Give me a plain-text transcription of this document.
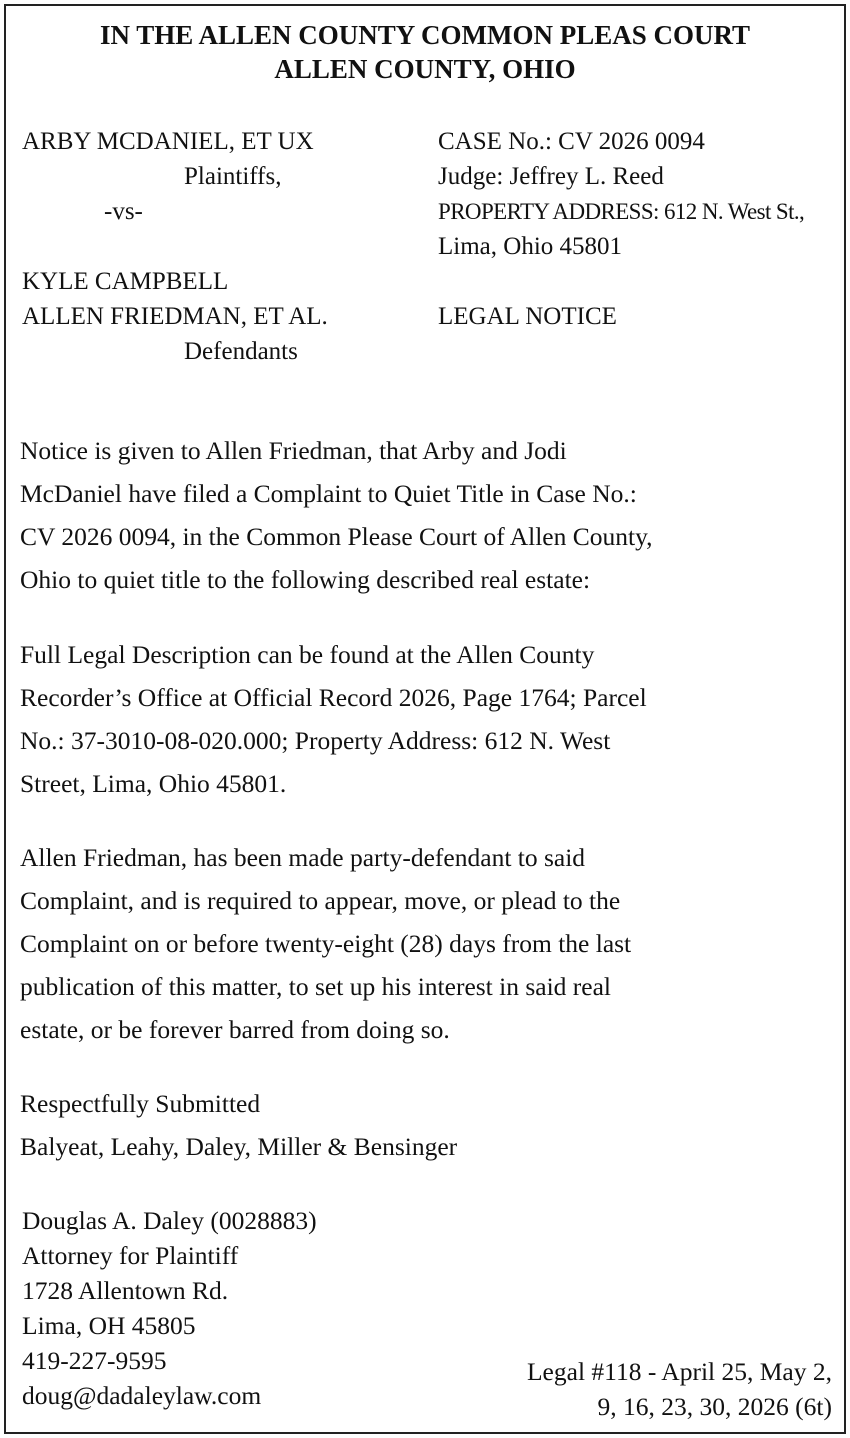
IN THE ALLEN COUNTY COMMON PLEAS COURT
ALLEN COUNTY, OHIO
ARBY MCDANIEL, ET UX
Plaintiffs,
-vs-
KYLE CAMPBELL
ALLEN FRIEDMAN, ET AL.
Defendants
CASE No.: CV 2026 0094
Judge: Jeffrey L. Reed
PROPERTY ADDRESS: 612 N. West St.,
Lima, Ohio 45801
LEGAL NOTICE
Notice is given to Allen Friedman, that Arby and Jodi
McDaniel have filed a Complaint to Quiet Title in Case No.:
CV 2026 0094, in the Common Please Court of Allen County,
Ohio to quiet title to the following described real estate:
Full Legal Description can be found at the Allen County
Recorder’s Office at Official Record 2026, Page 1764; Parcel
No.: 37-3010-08-020.000; Property Address: 612 N. West
Street, Lima, Ohio 45801.
Allen Friedman, has been made party-defendant to said
Complaint, and is required to appear, move, or plead to the
Complaint on or before twenty-eight (28) days from the last
publication of this matter, to set up his interest in said real
estate, or be forever barred from doing so.
Respectfully Submitted
Balyeat, Leahy, Daley, Miller & Bensinger
Douglas A. Daley (0028883)
Attorney for Plaintiff
1728 Allentown Rd.
Lima, OH 45805
419-227-9595
doug@dadaleylaw.com
Legal #118 - April 25, May 2,
9, 16, 23, 30, 2026 (6t)
